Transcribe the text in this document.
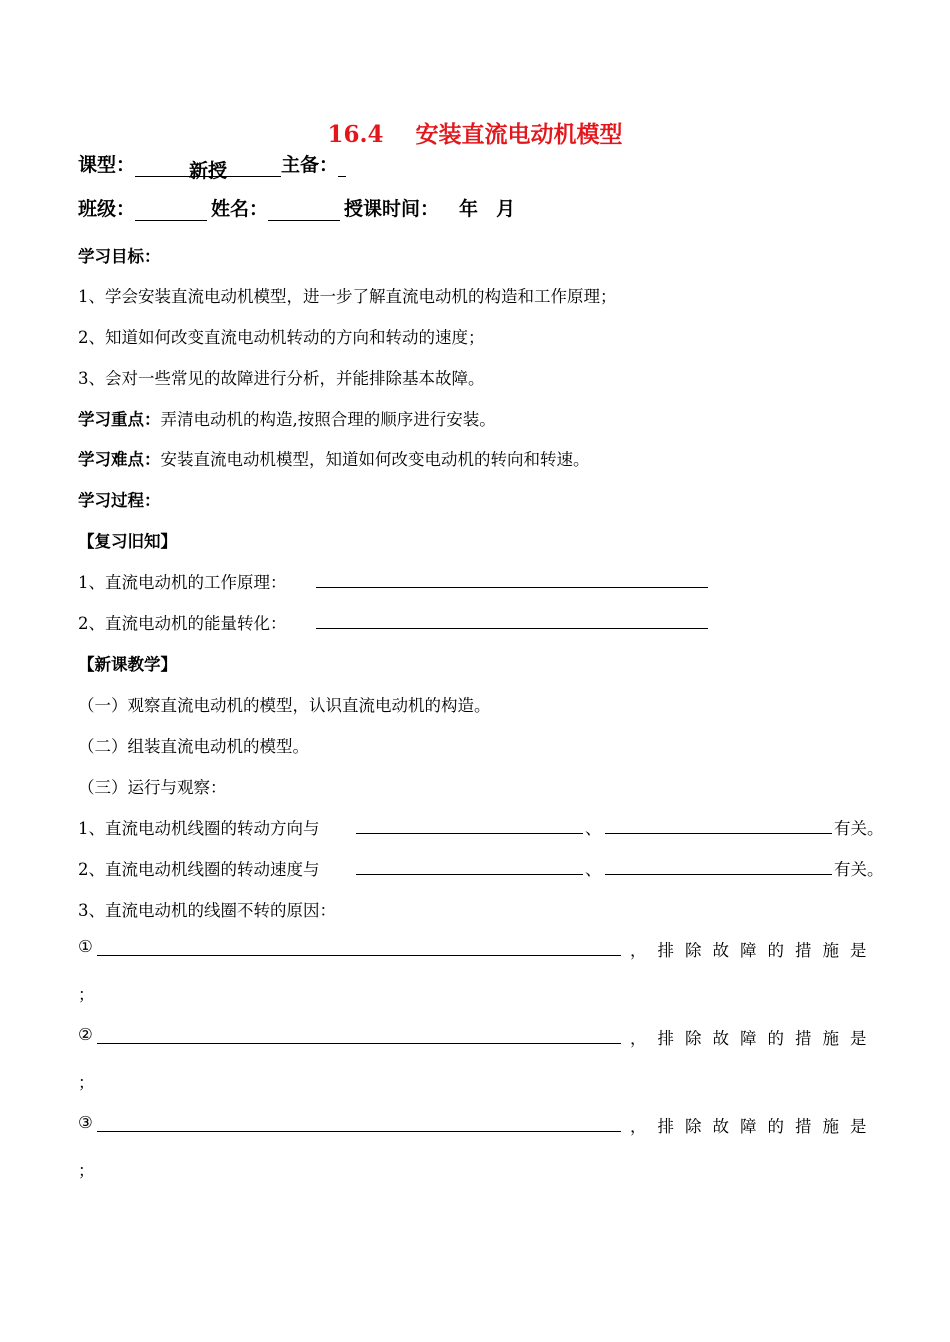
16.4 安装直流电动机模型
课型：	新授	主备：
班级：	姓名：	授课时间： 年 月
学习目标：
1、学会安装直流电动机模型，进一步了解直流电动机的构造和工作原理；
2、知道如何改变直流电动机转动的方向和转动的速度；
3、会对一些常见的故障进行分析，并能排除基本故障。
学习重点：弄清电动机的构造,按照合理的顺序进行安装。
学习难点：安装直流电动机模型，知道如何改变电动机的转向和转速。
学习过程：
【复习旧知】
1、直流电动机的工作原理：
2、直流电动机的能量转化：
【新课教学】
（一）观察直流电动机的模型，认识直流电动机的构造。
（二）组装直流电动机的模型。
（三）运行与观察：
1、直流电动机线圈的转动方向与	、	有关。
2、直流电动机线圈的转动速度与	、	有关。
3、直流电动机的线圈不转的原因：
①	，排除故障的措施是
；
②	，排除故障的措施是
；
③	，排除故障的措施是
；
